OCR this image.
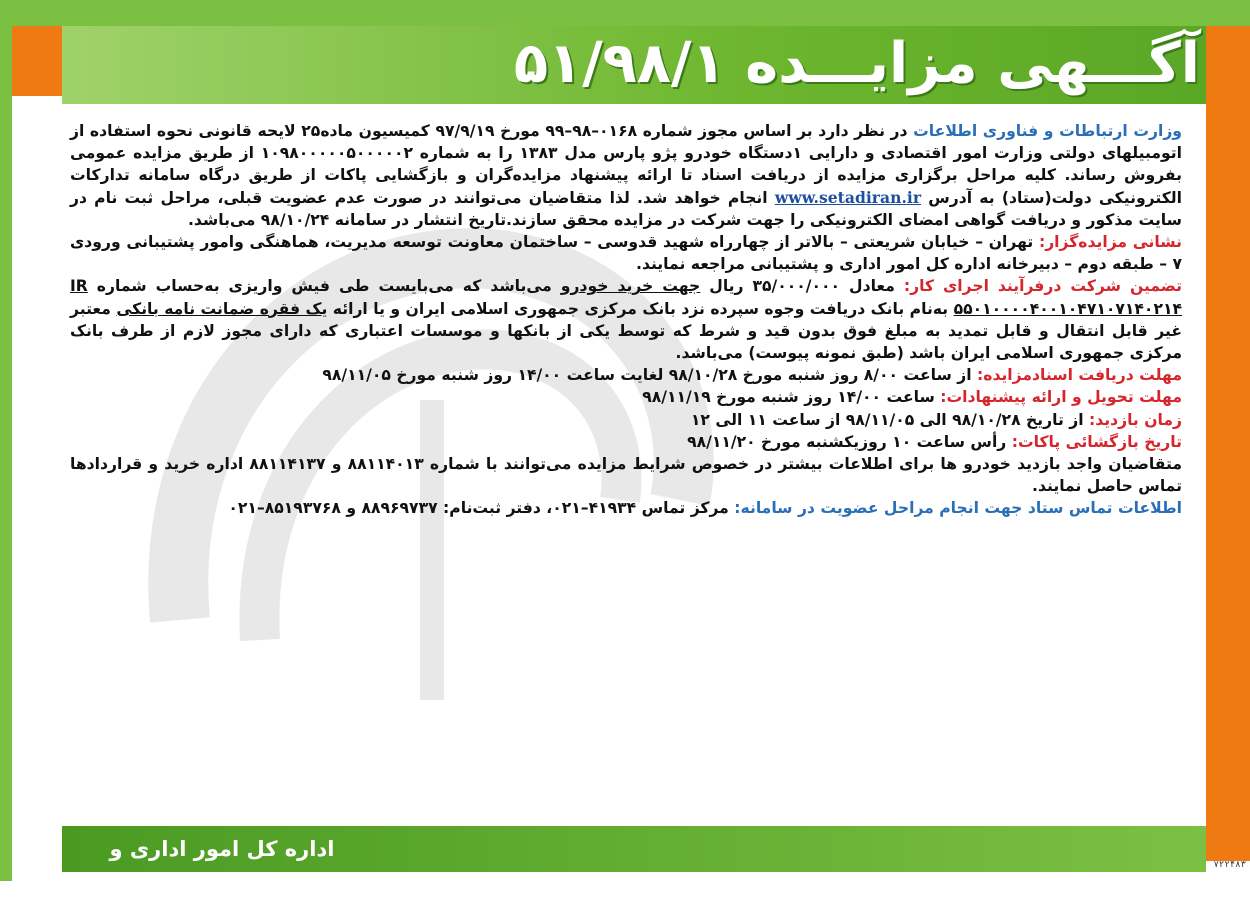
آگـــهی مزایـــده ۵۱/۹۸/۱

وزارت ارتباطات و فناوری اطلاعات در نظر دارد بر اساس مجوز شماره ۰۱۶۸–۹۸–۹۹ مورخ ۹۷/۹/۱۹ کمیسیون ماده۲۵ لایحه قانونی نحوه استفاده از اتومبیلهای دولتی وزارت امور اقتصادی و دارایی ۱دستگاه خودرو پژو پارس مدل ۱۳۸۳ را به شماره ۱۰۹۸۰۰۰۰۰۵۰۰۰۰۰۲ از طریق مزایده عمومی بفروش رساند. کلیه مراحل برگزاری مزایده از دریافت اسناد تا ارائه پیشنهاد مزایده‌گران و بازگشایی پاکات از طریق درگاه سامانه تدارکات الکترونیکی دولت(ستاد) به آدرس www.setadiran.ir انجام خواهد شد. لذا متقاضیان می‌توانند در صورت عدم عضویت قبلی، مراحل ثبت نام در سایت مذکور و دریافت گواهی امضای الکترونیکی را جهت شرکت در مزایده محقق سازند.تاریخ انتشار در سامانه ۹۸/۱۰/۲۴ می‌باشد.

نشانی مزایده‌گزار: تهران – خیابان شریعتی – بالاتر از چهارراه شهید قدوسی – ساختمان معاونت توسعه مدیریت، هماهنگی وامور پشتیبانی ورودی ۷ – طبقه دوم – دبیرخانه اداره کل امور اداری و پشتیبانی مراجعه نمایند.

تضمین شرکت درفرآیند اجرای کار: معادل ۳۵/۰۰۰/۰۰۰ ریال جهت خرید خودرو می‌باشد که می‌بایست طی فیش واریزی به‌حساب شماره IR ۵۵۰۱۰۰۰۰۴۰۰۱۰۴۷۱۰۷۱۴۰۲۱۴ به‌نام بانک دریافت وجوه سپرده نزد بانک مرکزی جمهوری اسلامی ایران و یا ارائه یک فقره ضمانت نامه بانکی معتبر غیر قابل انتقال و قابل تمدید به مبلغ فوق بدون قید و شرط که توسط یکی از بانکها و موسسات اعتباری که دارای مجوز لازم از طرف بانک مرکزی جمهوری اسلامی ایران باشد (طبق نمونه پیوست) می‌باشد.

مهلت دریافت اسنادمزایده: از ساعت ۸/۰۰ روز شنبه مورخ ۹۸/۱۰/۲۸ لغایت ساعت ۱۴/۰۰ روز شنبه مورخ ۹۸/۱۱/۰۵

مهلت تحویل و ارائه پیشنهادات: ساعت ۱۴/۰۰ روز شنبه مورخ ۹۸/۱۱/۱۹

زمان بازدید: از تاریخ ۹۸/۱۰/۲۸ الی ۹۸/۱۱/۰۵ از ساعت ۱۱ الی ۱۲

تاریخ بازگشائی پاکات: رأس ساعت ۱۰ روزیکشنبه مورخ ۹۸/۱۱/۲۰

متقاضیان واجد بازدید خودرو ها برای اطلاعات بیشتر در خصوص شرایط مزایده می‌توانند با شماره ۸۸۱۱۴۰۱۳ و ۸۸۱۱۴۱۳۷ اداره خرید و قراردادها تماس حاصل نمایند.

اطلاعات تماس ستاد جهت انجام مراحل عضویت در سامانه: مرکز تماس ۴۱۹۳۴–۰۲۱، دفتر ثبت‌نام: ۸۸۹۶۹۷۳۷ و ۸۵۱۹۳۷۶۸–۰۲۱

اداره کل امور اداری و پشتیبانی
۷۲۲۴۸۳
